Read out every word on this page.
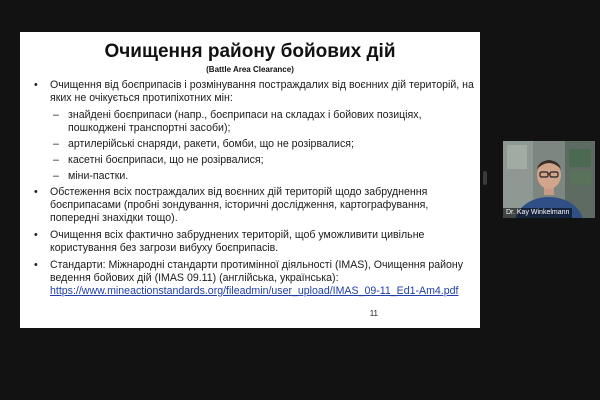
Очищення району бойових дій
(Battle Area Clearance)
• Очищення від боєприпасів і розмінування постраждалих від воєнних дій територій, на яких не очікується протипіхотних мін:
– знайдені боєприпаси (напр., боєприпаси на складах і бойових позиціях, пошкоджені транспортні засоби);
– артилерійські снаряди, ракети, бомби, що не розірвалися;
– касетні боєприпаси, що не розірвалися;
– міни-пастки.
• Обстеження всіх постраждалих від воєнних дій територій щодо забруднення боєприпасами (пробні зондування, історичні дослідження, картографування, попередні знахідки тощо).
• Очищення всіх фактично забруднених територій, щоб уможливити цивільне користування без загрози вибуху боєприпасів.
• Стандарти: Міжнародні стандарти протимінної діяльності (IMAS), Очищення району ведення бойових дій (IMAS 09.11) (англійська, українська):
https://www.mineactionstandards.org/fileadmin/user_upload/IMAS_09-11_Ed1-Am4.pdf
11
Dr. Kay Winkelmann
